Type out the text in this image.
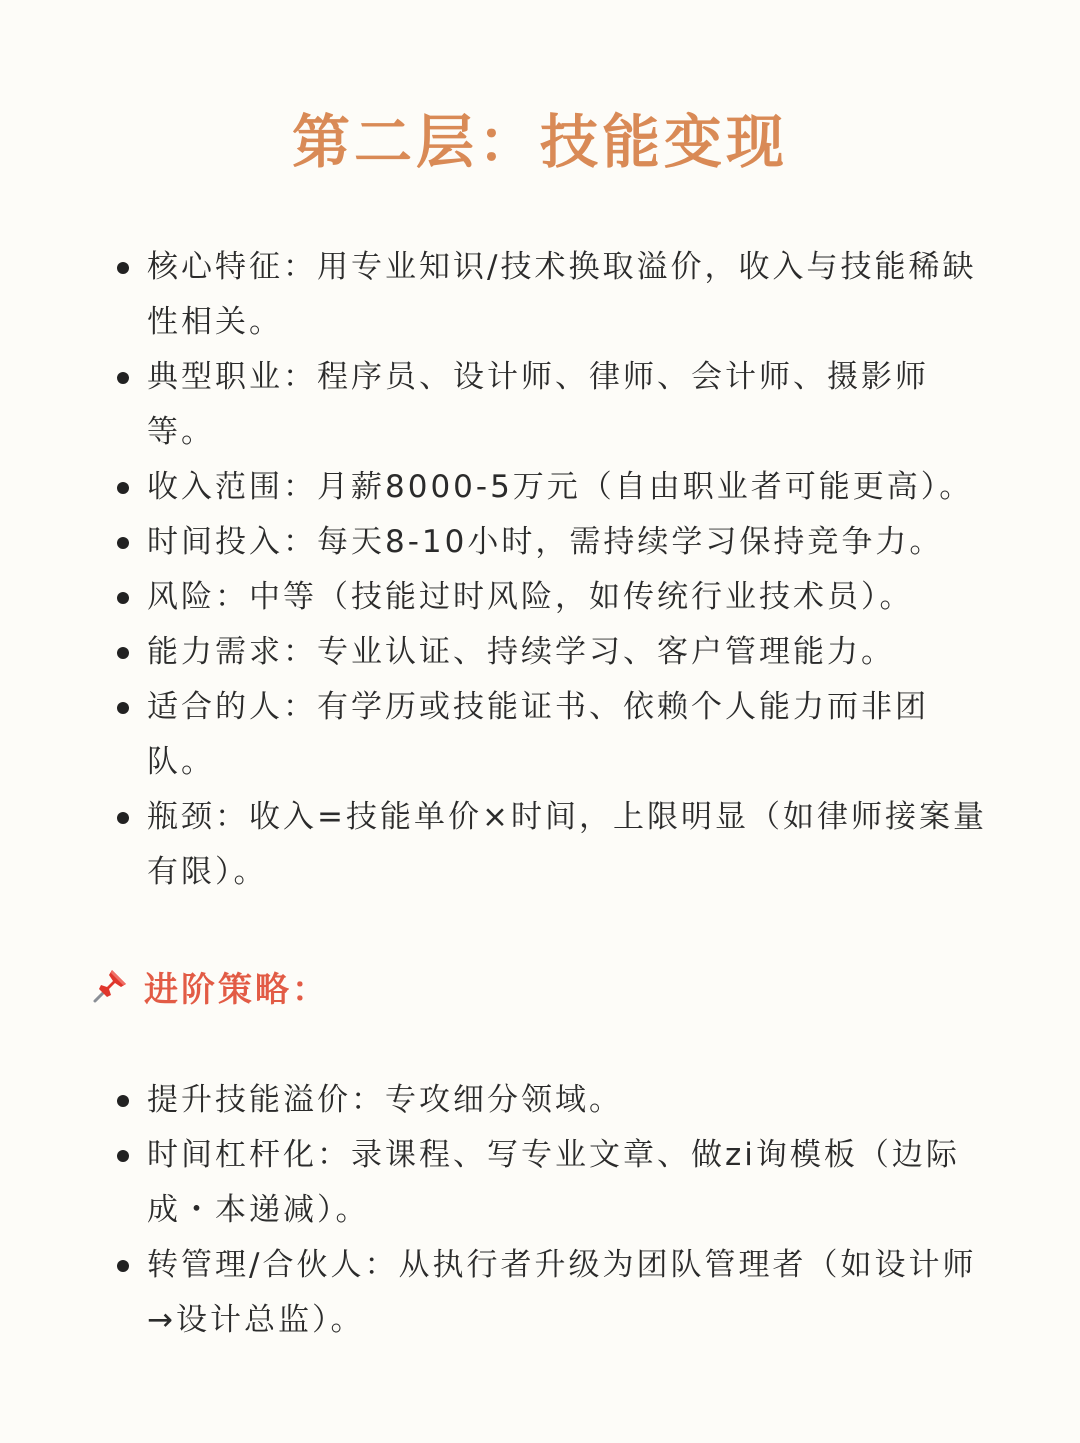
第二层：技能变现
核心特征：用专业知识/技术换取溢价，收入与技能稀缺性相关。
典型职业：程序员、设计师、律师、会计师、摄影师等。
收入范围：月薪8000-5万元（自由职业者可能更高）。
时间投入：每天8-10小时，需持续学习保持竞争力。
风险：中等（技能过时风险，如传统行业技术员）。
能力需求：专业认证、持续学习、客户管理能力。
适合的人：有学历或技能证书、依赖个人能力而非团队。
瓶颈：收入=技能单价×时间，上限明显（如律师接案量有限）。
进阶策略：
提升技能溢价：专攻细分领域。
时间杠杆化：录课程、写专业文章、做zi询模板（边际成・本递减）。
转管理/合伙人：从执行者升级为团队管理者（如设计师→设计总监）。
